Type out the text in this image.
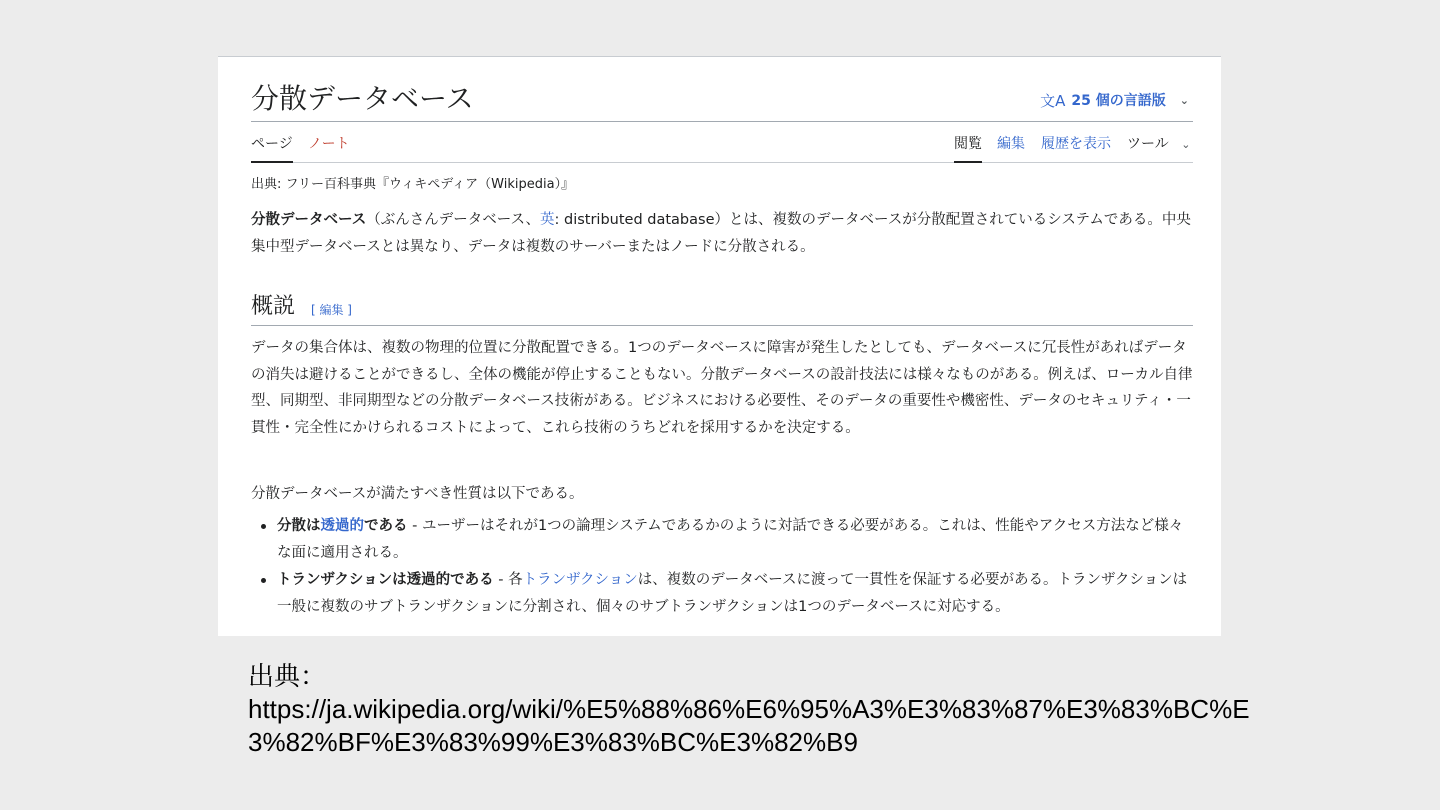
分散データベース	文A 25 個の言語版 ⌄
ページ ノート	閲覧 編集 履歴を表示 ツール ⌄
出典: フリー百科事典『ウィキペディア（Wikipedia）』

分散データベース（ぶんさんデータベース、英: distributed database）とは、複数のデータベースが分散配置されているシステムである。中央集中型データベースとは異なり、データは複数のサーバーまたはノードに分散される。

概説 [ 編集 ]

データの集合体は、複数の物理的位置に分散配置できる。1つのデータベースに障害が発生したとしても、データベースに冗長性があればデータの消失は避けることができるし、全体の機能が停止することもない。分散データベースの設計技法には様々なものがある。例えば、ローカル自律型、同期型、非同期型などの分散データベース技術がある。ビジネスにおける必要性、そのデータの重要性や機密性、データのセキュリティ・一貫性・完全性にかけられるコストによって、これら技術のうちどれを採用するかを決定する。

分散データベースが満たすべき性質は以下である。

分散は透過的である - ユーザーはそれが1つの論理システムであるかのように対話できる必要がある。これは、性能やアクセス方法など様々な面に適用される。
トランザクションは透過的である - 各トランザクションは、複数のデータベースに渡って一貫性を保証する必要がある。トランザクションは一般に複数のサブトランザクションに分割され、個々のサブトランザクションは1つのデータベースに対応する。
出典：
https://ja.wikipedia.org/wiki/%E5%88%86%E6%95%A3%E3%83%87%E3%83%BC%E3%82%BF%E3%83%99%E3%83%BC%E3%82%B9
